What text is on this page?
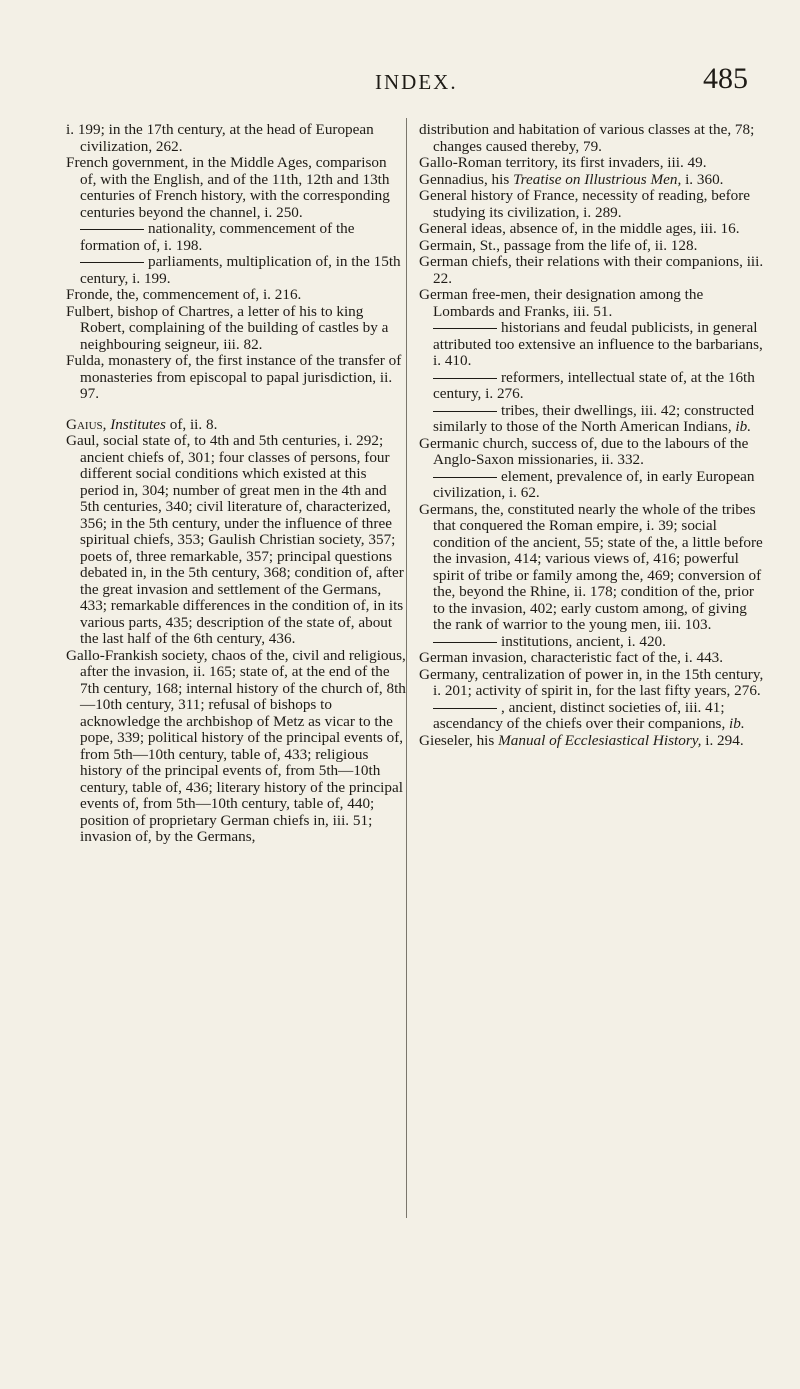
INDEX.	485

i. 199; in the 17th century, at the head of European civilization, 262.

French government, in the Middle Ages, comparison of, with the English, and of the 11th, 12th and 13th centuries of French history, with the corresponding centuries beyond the channel, i. 250.

nationality, commencement of the formation of, i. 198.

parliaments, multiplication of, in the 15th century, i. 199.

Fronde, the, commencement of, i. 216.

Fulbert, bishop of Chartres, a letter of his to king Robert, complaining of the building of castles by a neighbouring seigneur, iii. 82.

Fulda, monastery of, the first instance of the transfer of monasteries from episcopal to papal jurisdiction, ii. 97.

Gaius, Institutes of, ii. 8.

Gaul, social state of, to 4th and 5th centuries, i. 292; ancient chiefs of, 301; four classes of persons, four different social conditions which existed at this period in, 304; number of great men in the 4th and 5th centuries, 340; civil literature of, characterized, 356; in the 5th century, under the influence of three spiritual chiefs, 353; Gaulish Christian society, 357; poets of, three remarkable, 357; principal questions debated in, in the 5th century, 368; condition of, after the great invasion and settlement of the Germans, 433; remarkable differences in the condition of, in its various parts, 435; description of the state of, about the last half of the 6th century, 436.

Gallo-Frankish society, chaos of the, civil and religious, after the invasion, ii. 165; state of, at the end of the 7th century, 168; internal history of the church of, 8th—10th century, 311; refusal of bishops to acknowledge the archbishop of Metz as vicar to the pope, 339; political history of the principal events of, from 5th—10th century, table of, 433; religious history of the principal events of, from 5th—10th century, table of, 436; literary history of the principal events of, from 5th—10th century, table of, 440; position of proprietary German chiefs in, iii. 51; invasion of, by the Germans,

distribution and habitation of various classes at the, 78; changes caused thereby, 79.

Gallo-Roman territory, its first invaders, iii. 49.

Gennadius, his Treatise on Illustrious Men, i. 360.

General history of France, necessity of reading, before studying its civilization, i. 289.

General ideas, absence of, in the middle ages, iii. 16.

Germain, St., passage from the life of, ii. 128.

German chiefs, their relations with their companions, iii. 22.

German free-men, their designation among the Lombards and Franks, iii. 51.

historians and feudal publicists, in general attributed too extensive an influence to the barbarians, i. 410.

reformers, intellectual state of, at the 16th century, i. 276.

tribes, their dwellings, iii. 42; constructed similarly to those of the North American Indians, ib.

Germanic church, success of, due to the labours of the Anglo-Saxon missionaries, ii. 332.

element, prevalence of, in early European civilization, i. 62.

Germans, the, constituted nearly the whole of the tribes that conquered the Roman empire, i. 39; social condition of the ancient, 55; state of the, a little before the invasion, 414; various views of, 416; powerful spirit of tribe or family among the, 469; conversion of the, beyond the Rhine, ii. 178; condition of the, prior to the invasion, 402; early custom among, of giving the rank of warrior to the young men, iii. 103.

institutions, ancient, i. 420.

German invasion, characteristic fact of the, i. 443.

Germany, centralization of power in, in the 15th century, i. 201; activity of spirit in, for the last fifty years, 276.

, ancient, distinct societies of, iii. 41; ascendancy of the chiefs over their companions, ib.

Gieseler, his Manual of Ecclesiastical History, i. 294.
